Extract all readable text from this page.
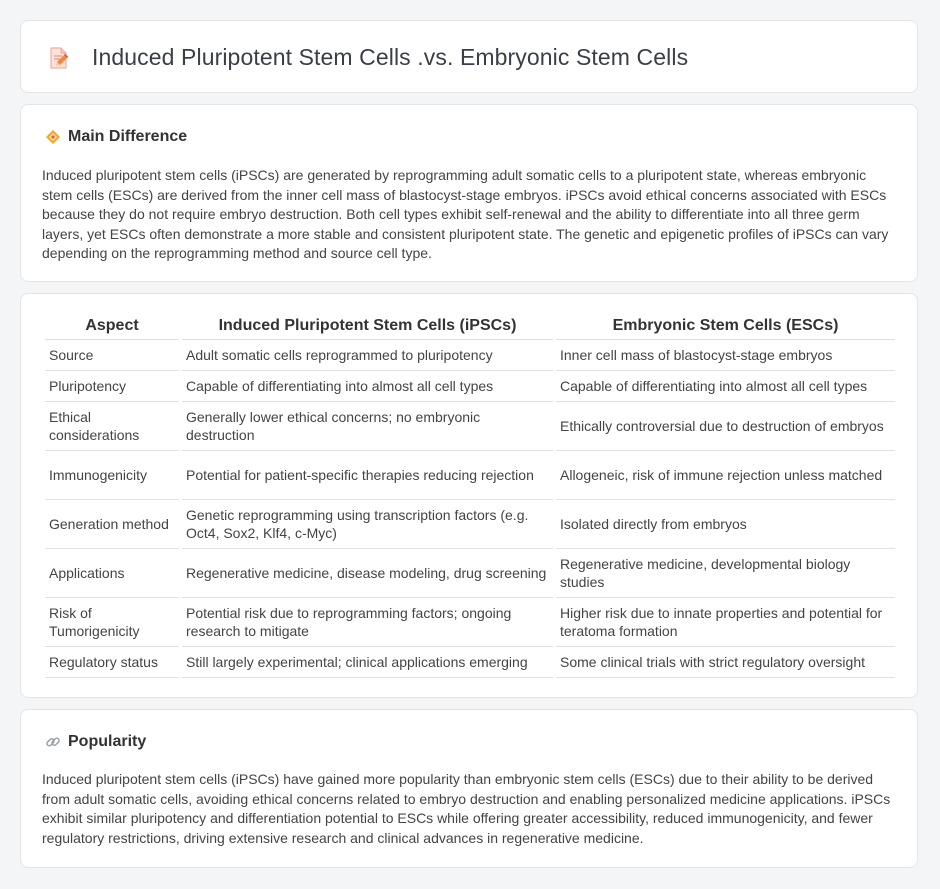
Induced Pluripotent Stem Cells .vs. Embryonic Stem Cells
Main Difference

Induced pluripotent stem cells (iPSCs) are generated by reprogramming adult somatic cells to a pluripotent state, whereas embryonic stem cells (ESCs) are derived from the inner cell mass of blastocyst-stage embryos. iPSCs avoid ethical concerns associated with ESCs because they do not require embryo destruction. Both cell types exhibit self-renewal and the ability to differentiate into all three germ layers, yet ESCs often demonstrate a more stable and consistent pluripotent state. The genetic and epigenetic profiles of iPSCs can vary depending on the reprogramming method and source cell type.

Aspect	Induced Pluripotent Stem Cells (iPSCs)	Embryonic Stem Cells (ESCs)
Source	Adult somatic cells reprogrammed to pluripotency	Inner cell mass of blastocyst-stage embryos
Pluripotency	Capable of differentiating into almost all cell types	Capable of differentiating into almost all cell types
Ethical considerations	Generally lower ethical concerns; no embryonic destruction	Ethically controversial due to destruction of embryos
Immunogenicity	Potential for patient-specific therapies reducing rejection	Allogeneic, risk of immune rejection unless matched
Generation method	Genetic reprogramming using transcription factors (e.g. Oct4, Sox2, Klf4, c-Myc)	Isolated directly from embryos
Applications	Regenerative medicine, disease modeling, drug screening	Regenerative medicine, developmental biology studies
Risk of Tumorigenicity	Potential risk due to reprogramming factors; ongoing research to mitigate	Higher risk due to innate properties and potential for teratoma formation
Regulatory status	Still largely experimental; clinical applications emerging	Some clinical trials with strict regulatory oversight
Popularity

Induced pluripotent stem cells (iPSCs) have gained more popularity than embryonic stem cells (ESCs) due to their ability to be derived from adult somatic cells, avoiding ethical concerns related to embryo destruction and enabling personalized medicine applications. iPSCs exhibit similar pluripotency and differentiation potential to ESCs while offering greater accessibility, reduced immunogenicity, and fewer regulatory restrictions, driving extensive research and clinical advances in regenerative medicine.
